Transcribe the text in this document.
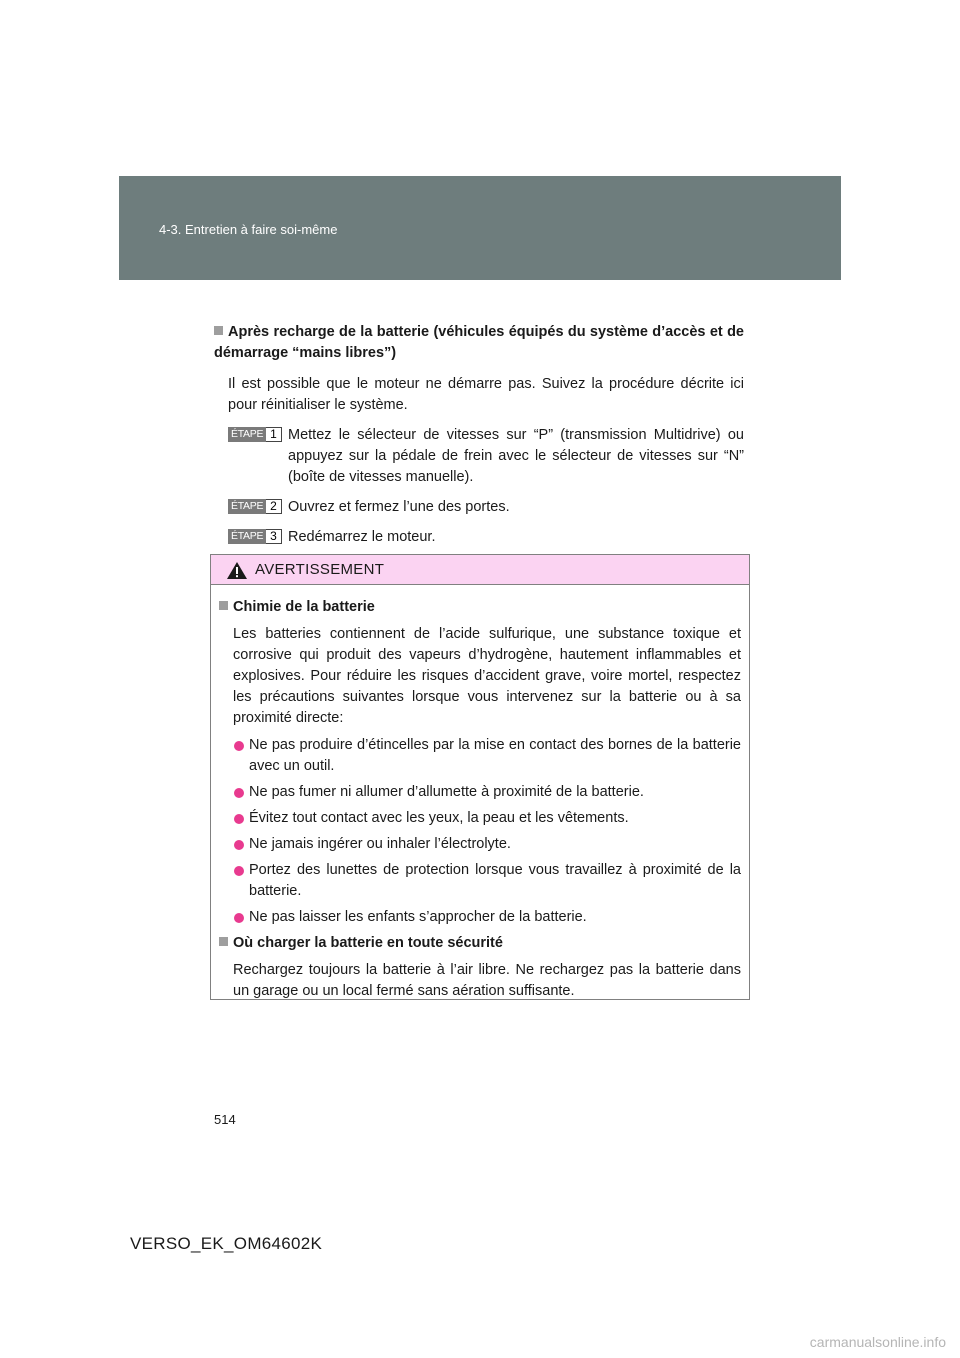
4-3. Entretien à faire soi-même
Après recharge de la batterie (véhicules équipés du système d’accès et de démarrage “mains libres”)

Il est possible que le moteur ne démarre pas. Suivez la procédure décrite ici pour réinitialiser le système.

ÉTAPE 1 Mettez le sélecteur de vitesses sur “P” (transmission Multidrive) ou appuyez sur la pédale de frein avec le sélecteur de vitesses sur “N” (boîte de vitesses manuelle).
ÉTAPE 2 Ouvrez et fermez l’une des portes.
ÉTAPE 3 Redémarrez le moteur.
AVERTISSEMENT
Chimie de la batterie

Les batteries contiennent de l’acide sulfurique, une substance toxique et corrosive qui produit des vapeurs d’hydrogène, hautement inflammables et explosives. Pour réduire les risques d’accident grave, voire mortel, respectez les précautions suivantes lorsque vous intervenez sur la batterie ou à sa proximité directe:

Ne pas produire d’étincelles par la mise en contact des bornes de la batterie avec un outil.
Ne pas fumer ni allumer d’allumette à proximité de la batterie.
Évitez tout contact avec les yeux, la peau et les vêtements.
Ne jamais ingérer ou inhaler l’électrolyte.
Portez des lunettes de protection lorsque vous travaillez à proximité de la batterie.
Ne pas laisser les enfants s’approcher de la batterie.
Où charger la batterie en toute sécurité

Rechargez toujours la batterie à l’air libre. Ne rechargez pas la batterie dans un garage ou un local fermé sans aération suffisante.

514
VERSO_EK_OM64602K
carmanualsonline.info
